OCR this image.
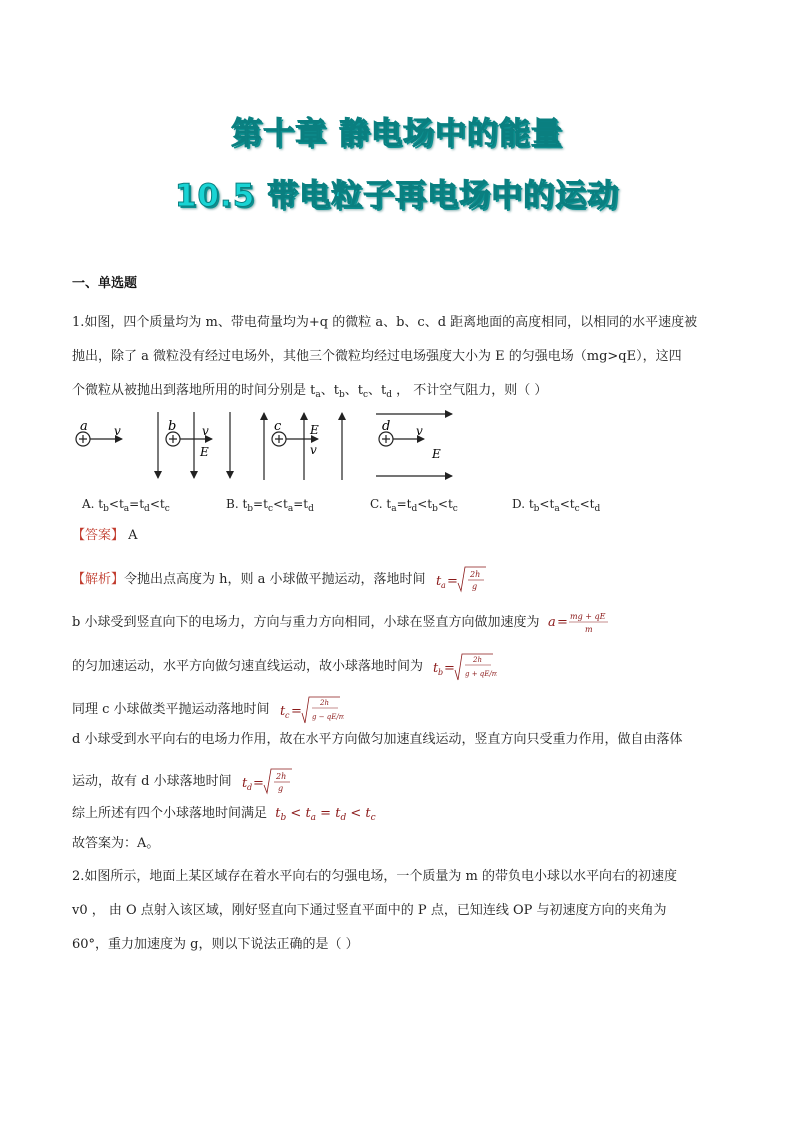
第十章 静电场中的能量
10.5 带电粒子再电场中的运动
一、单选题
1.如图，四个质量均为 m、带电荷量均为+q 的微粒 a、b、c、d 距离地面的高度相同，以相同的水平速度被
抛出，除了 a 微粒没有经过电场外，其他三个微粒均经过电场强度大小为 E 的匀强电场（mg>qE），这四
个微粒从被抛出到落地所用的时间分别是 $t_a$、$t_b$、$t_c$、$t_d$ ， 不计空气阻力，则（ ）
a v	b v
E
c E
v
d v
E
A. $t_b<t_a=t_d<t_c$	B. $t_b=t_c<t_a=t_d$	C. $t_a=t_d<t_b<t_c$	D. $t_b<t_a<t_c<t_d$
【答案】 A
【解析】令抛出点高度为 h，则 a 小球做平抛运动，落地时间 t a = 2h
g
b 小球受到竖直向下的电场力，方向与重力方向相同，小球在竖直方向做加速度为 a = mg + qE
m
的匀加速运动，水平方向做匀速直线运动，故小球落地时间为 t b =
2h
g + qE/m
同理 c 小球做类平抛运动落地时间 t c =
2h
g − qE/m
d 小球受到水平向右的电场力作用，故在水平方向做匀加速直线运动，竖直方向只受重力作用，做自由落体
运动，故有 d 小球落地时间 t d = 2h
g
综上所述有四个小球落地时间满足  $t_b < t_a = t_d < t_c$
故答案为：A。
2.如图所示，地面上某区域存在着水平向右的匀强电场，一个质量为 m 的带负电小球以水平向右的初速度
v0 ， 由 O 点射入该区域，刚好竖直向下通过竖直平面中的 P 点，已知连线 OP 与初速度方向的夹角为
60°，重力加速度为 g，则以下说法正确的是（ ）
